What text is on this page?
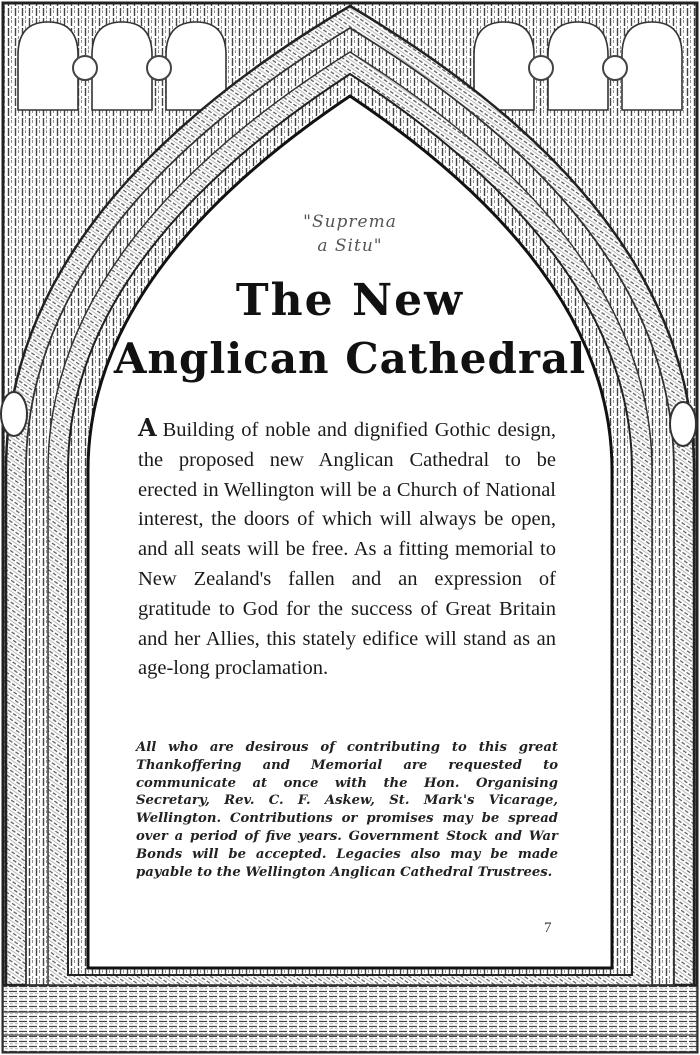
"Suprema
a Situ"
The New
Anglican Cathedral
A Building of noble and dignified Gothic design, the proposed new Anglican Cathedral to be erected in Wellington will be a Church of National interest, the doors of which will always be open, and all seats will be free. As a fitting memorial to New Zealand's fallen and an expression of gratitude to God for the success of Great Britain and her Allies, this stately edifice will stand as an age-long proclamation.
All who are desirous of contributing to this great Thankoffering and Memorial are requested to communicate at once with the Hon. Organising Secretary, Rev. C. F. Askew, St. Mark's Vicarage, Wellington. Contributions or promises may be spread over a period of five years. Government Stock and War Bonds will be accepted. Legacies also may be made payable to the Wellington Anglican Cathedral Trustrees.
7
